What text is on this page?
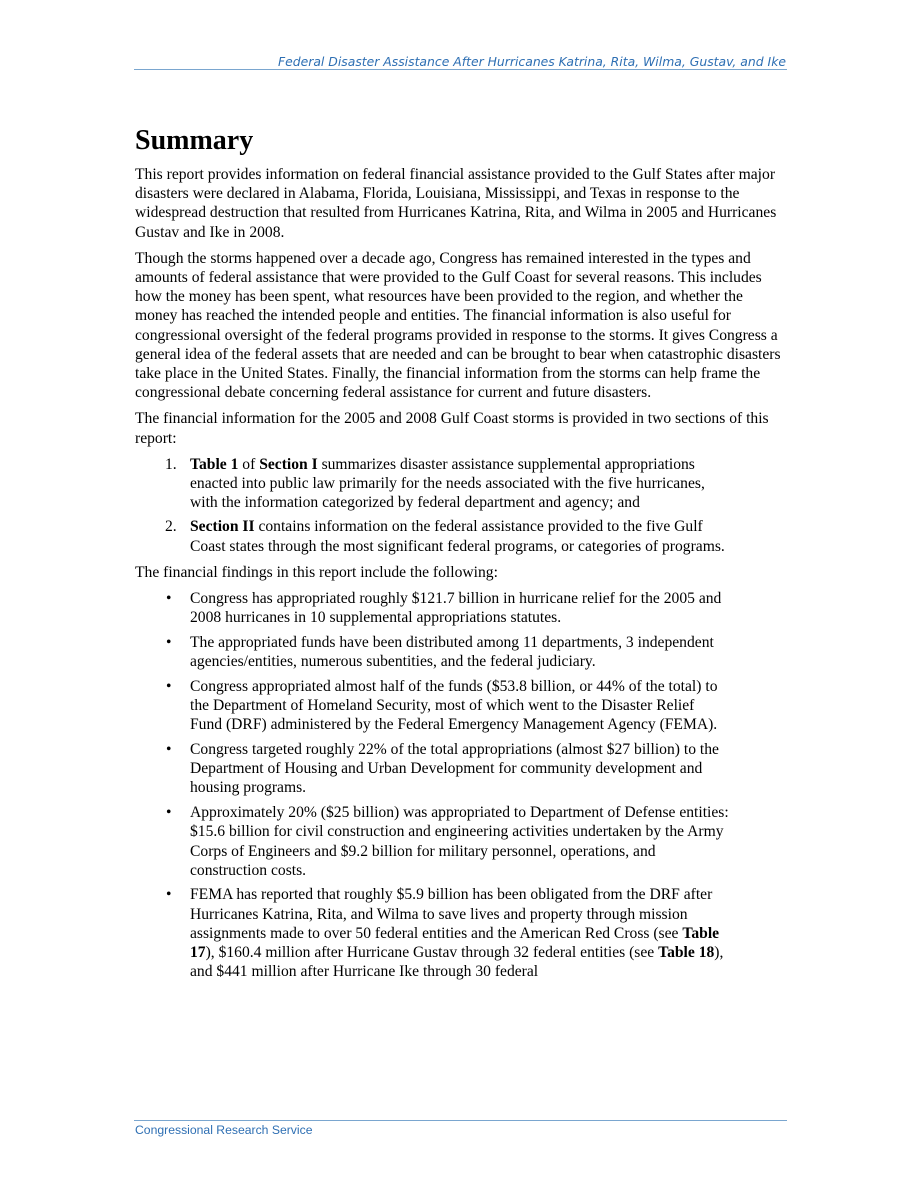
Federal Disaster Assistance After Hurricanes Katrina, Rita, Wilma, Gustav, and Ike
Summary

This report provides information on federal financial assistance provided to the Gulf States after major disasters were declared in Alabama, Florida, Louisiana, Mississippi, and Texas in response to the widespread destruction that resulted from Hurricanes Katrina, Rita, and Wilma in 2005 and Hurricanes Gustav and Ike in 2008.

Though the storms happened over a decade ago, Congress has remained interested in the types and amounts of federal assistance that were provided to the Gulf Coast for several reasons. This includes how the money has been spent, what resources have been provided to the region, and whether the money has reached the intended people and entities. The financial information is also useful for congressional oversight of the federal programs provided in response to the storms. It gives Congress a general idea of the federal assets that are needed and can be brought to bear when catastrophic disasters take place in the United States. Finally, the financial information from the storms can help frame the congressional debate concerning federal assistance for current and future disasters.

The financial information for the 2005 and 2008 Gulf Coast storms is provided in two sections of this report:

1. Table 1 of Section I summarizes disaster assistance supplemental appropriations enacted into public law primarily for the needs associated with the five hurricanes, with the information categorized by federal department and agency; and
2. Section II contains information on the federal assistance provided to the five Gulf Coast states through the most significant federal programs, or categories of programs.

The financial findings in this report include the following:

• Congress has appropriated roughly $121.7 billion in hurricane relief for the 2005 and 2008 hurricanes in 10 supplemental appropriations statutes.
• The appropriated funds have been distributed among 11 departments, 3 independent agencies/entities, numerous subentities, and the federal judiciary.
• Congress appropriated almost half of the funds ($53.8 billion, or 44% of the total) to the Department of Homeland Security, most of which went to the Disaster Relief Fund (DRF) administered by the Federal Emergency Management Agency (FEMA).
• Congress targeted roughly 22% of the total appropriations (almost $27 billion) to the Department of Housing and Urban Development for community development and housing programs.
• Approximately 20% ($25 billion) was appropriated to Department of Defense entities: $15.6 billion for civil construction and engineering activities undertaken by the Army Corps of Engineers and $9.2 billion for military personnel, operations, and construction costs.
• FEMA has reported that roughly $5.9 billion has been obligated from the DRF after Hurricanes Katrina, Rita, and Wilma to save lives and property through mission assignments made to over 50 federal entities and the American Red Cross (see Table 17), $160.4 million after Hurricane Gustav through 32 federal entities (see Table 18), and $441 million after Hurricane Ike through 30 federal
Congressional Research Service
